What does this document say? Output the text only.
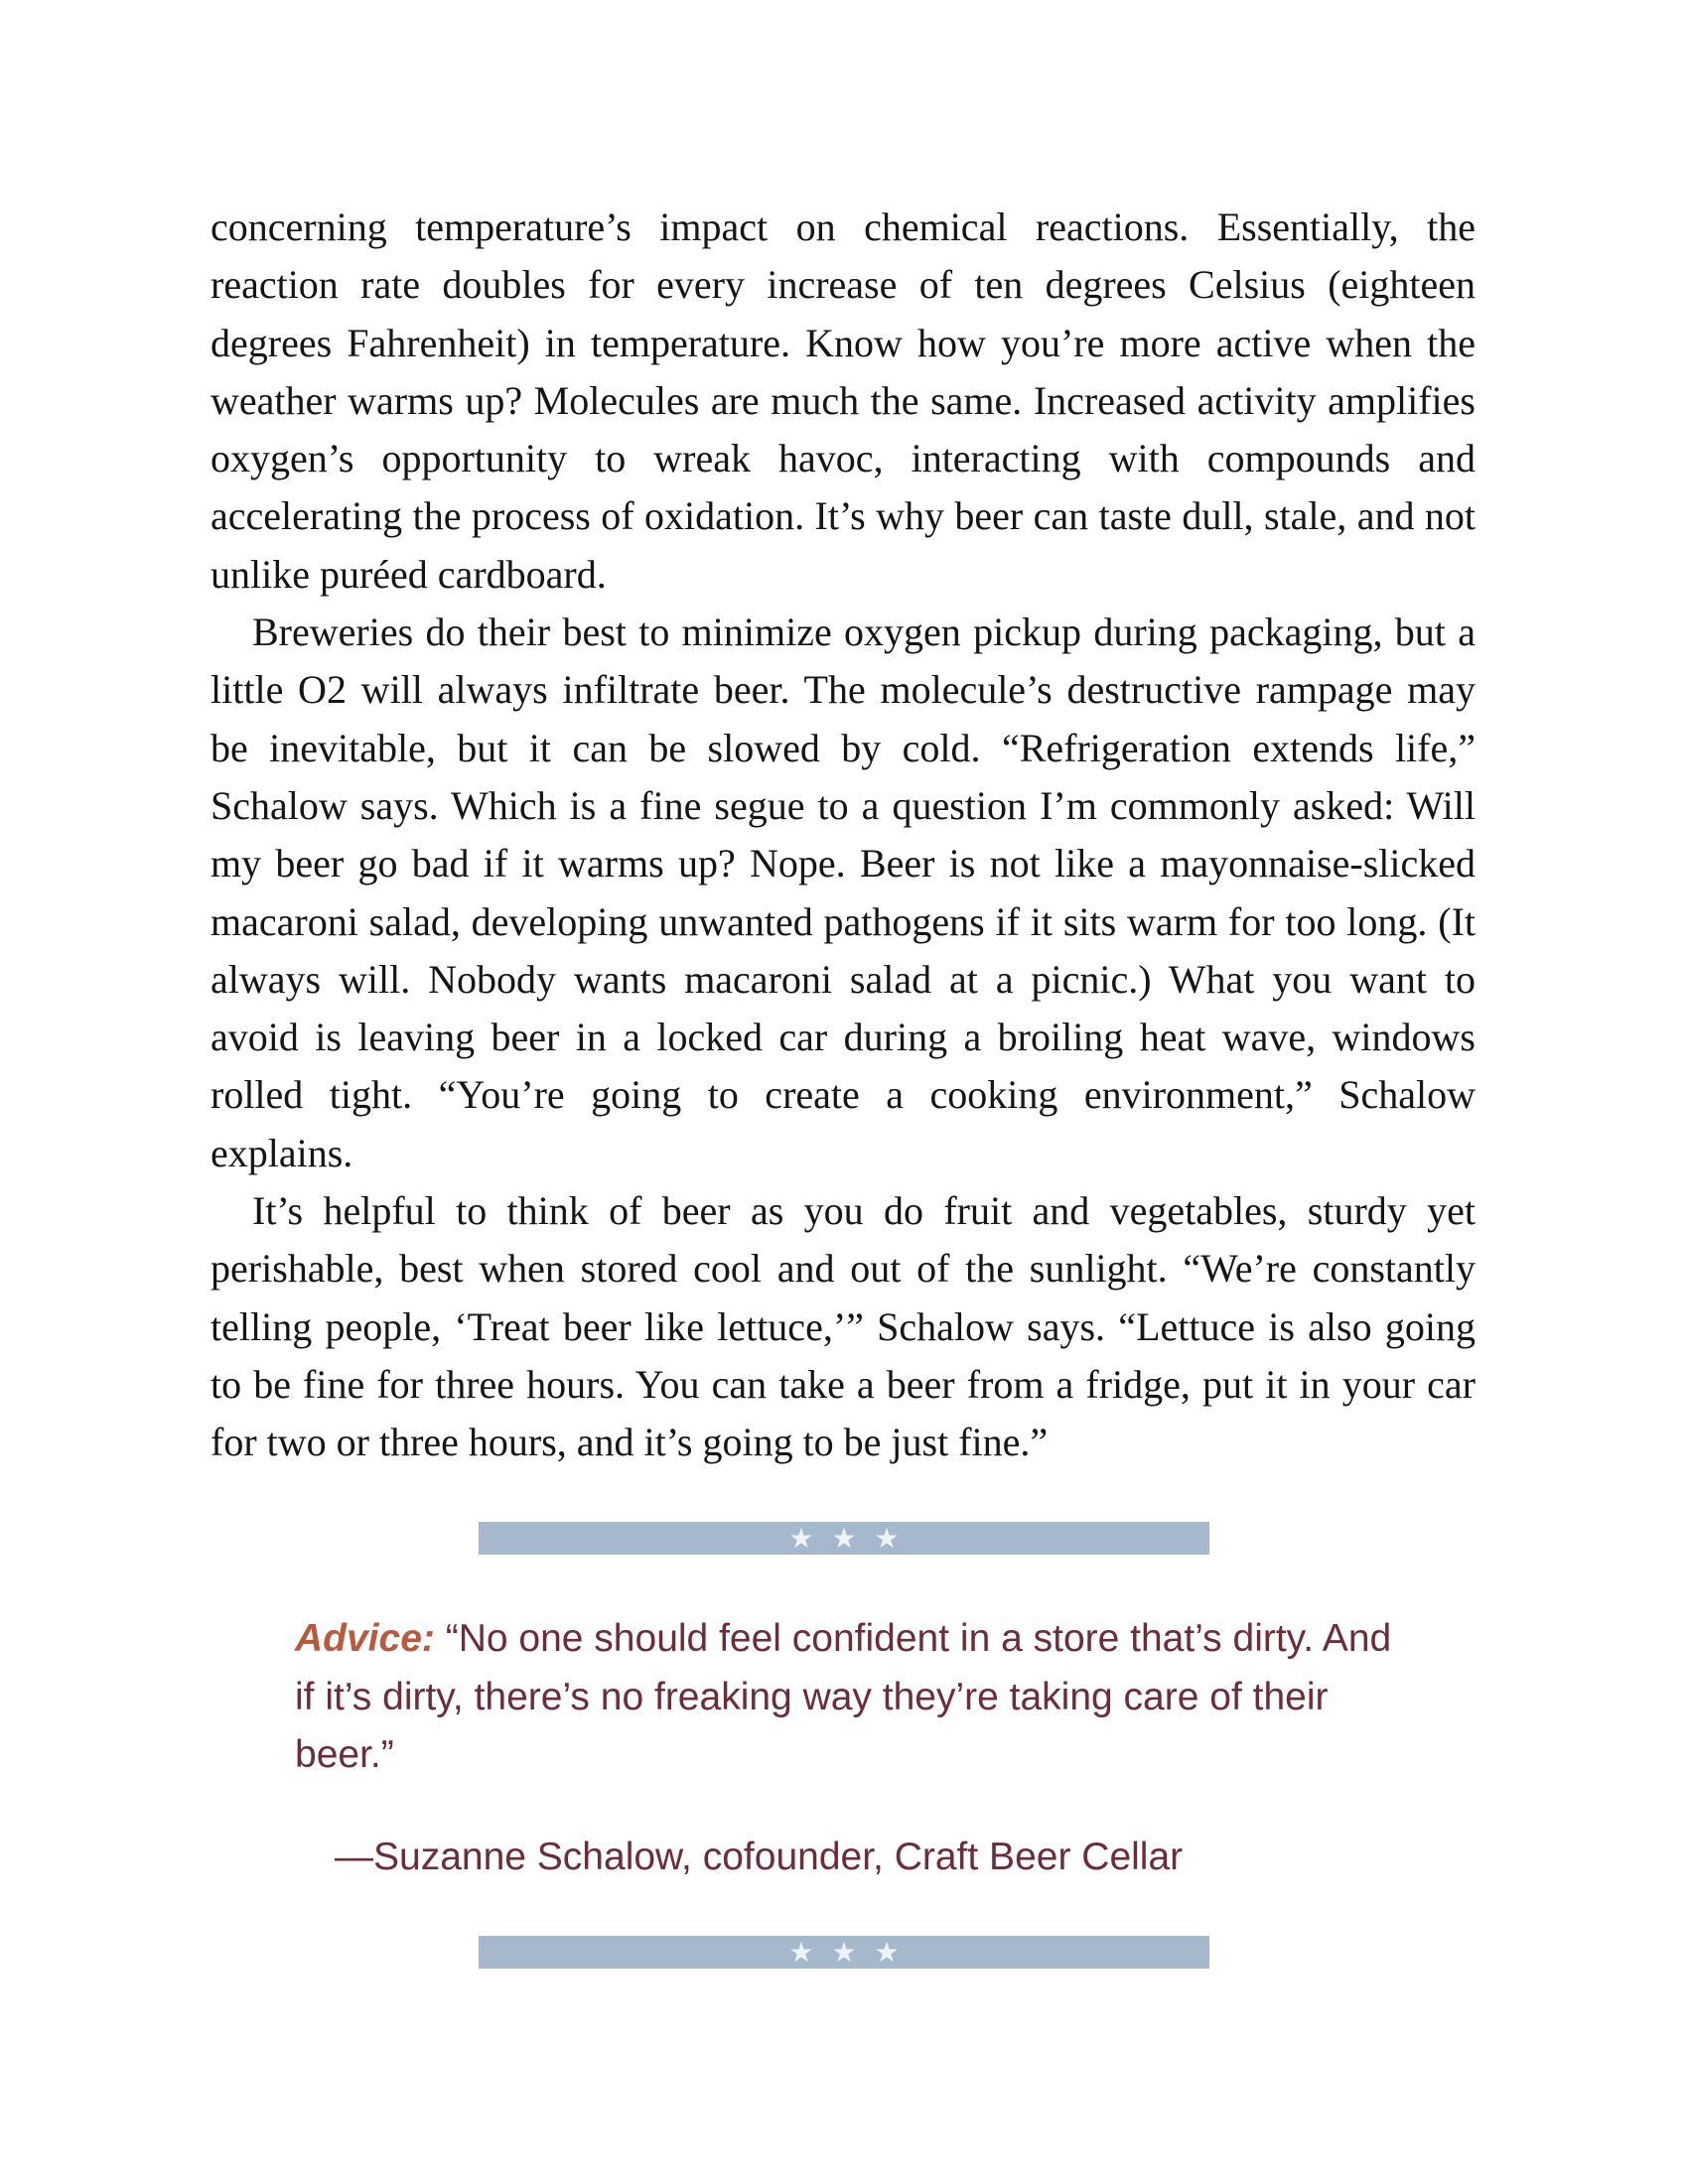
concerning temperature’s impact on chemical reactions. Essentially, the reaction rate doubles for every increase of ten degrees Celsius (eighteen degrees Fahrenheit) in temperature. Know how you’re more active when the weather warms up? Molecules are much the same. Increased activity amplifies oxygen’s opportunity to wreak havoc, interacting with compounds and accelerating the process of oxidation. It’s why beer can taste dull, stale, and not unlike puréed cardboard.

Breweries do their best to minimize oxygen pickup during packaging, but a little O2 will always infiltrate beer. The molecule’s destructive rampage may be inevitable, but it can be slowed by cold. “Refrigeration extends life,” Schalow says. Which is a fine segue to a question I’m commonly asked: Will my beer go bad if it warms up? Nope. Beer is not like a mayonnaise-slicked macaroni salad, developing unwanted pathogens if it sits warm for too long. (It always will. Nobody wants macaroni salad at a picnic.) What you want to avoid is leaving beer in a locked car during a broiling heat wave, windows rolled tight. “You’re going to create a cooking environment,” Schalow explains.

It’s helpful to think of beer as you do fruit and vegetables, sturdy yet perishable, best when stored cool and out of the sunlight. “We’re constantly telling people, ‘Treat beer like lettuce,’” Schalow says. “Lettuce is also going to be fine for three hours. You can take a beer from a fridge, put it in your car for two or three hours, and it’s going to be just fine.”

★ ★ ★
Advice: “No one should feel confident in a store that’s dirty. And if it’s dirty, there’s no freaking way they’re taking care of their beer.”
—Suzanne Schalow, cofounder, Craft Beer Cellar
★ ★ ★
